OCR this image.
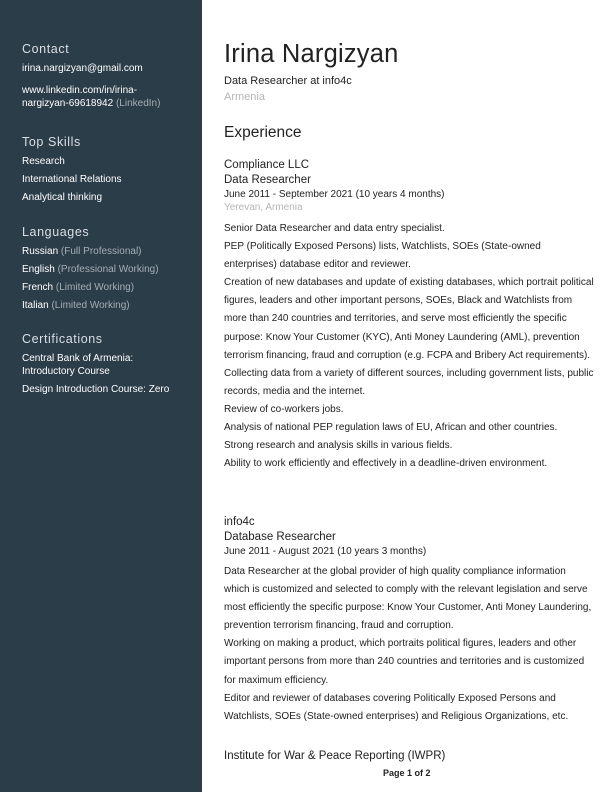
Contact
irina.nargizyan@gmail.com
www.linkedin.com/in/irina-
nargizyan-69618942 (LinkedIn)
Top Skills
Research
International Relations
Analytical thinking
Languages
Russian (Full Professional)
English (Professional Working)
French (Limited Working)
Italian (Limited Working)
Certifications
Central Bank of Armenia:
Introductory Course
Design Introduction Course: Zero
Irina Nargizyan
Data Researcher at info4c
Armenia
Experience
Compliance LLC
Data Researcher
June 2011 - September 2021 (10 years 4 months)
Yerevan, Armenia

Senior Data Researcher and data entry specialist.

PEP (Politically Exposed Persons) lists, Watchlists, SOEs (State-owned enterprises) database editor and reviewer.

Creation of new databases and update of existing databases, which portrait political figures, leaders and other important persons, SOEs, Black and Watchlists from more than 240 countries and territories, and serve most efficiently the specific purpose: Know Your Customer (KYC), Anti Money Laundering (AML), prevention terrorism financing, fraud and corruption (e.g. FCPA and Bribery Act requirements).

Collecting data from a variety of different sources, including government lists, public records, media and the internet.

Review of co-workers jobs.

Analysis of national PEP regulation laws of EU, African and other countries.

Strong research and analysis skills in various fields.

Ability to work efficiently and effectively in a deadline-driven environment.

info4c
Database Researcher
June 2011 - August 2021 (10 years 3 months)

Data Researcher at the global provider of high quality compliance information which is customized and selected to comply with the relevant legislation and serve most efficiently the specific purpose: Know Your Customer, Anti Money Laundering, prevention terrorism financing, fraud and corruption.

Working on making a product, which portraits political figures, leaders and other important persons from more than 240 countries and territories and is customized for maximum efficiency.

Editor and reviewer of databases covering Politically Exposed Persons and Watchlists, SOEs (State-owned enterprises) and Religious Organizations, etc.

Institute for War & Peace Reporting (IWPR)
Page 1 of 2
